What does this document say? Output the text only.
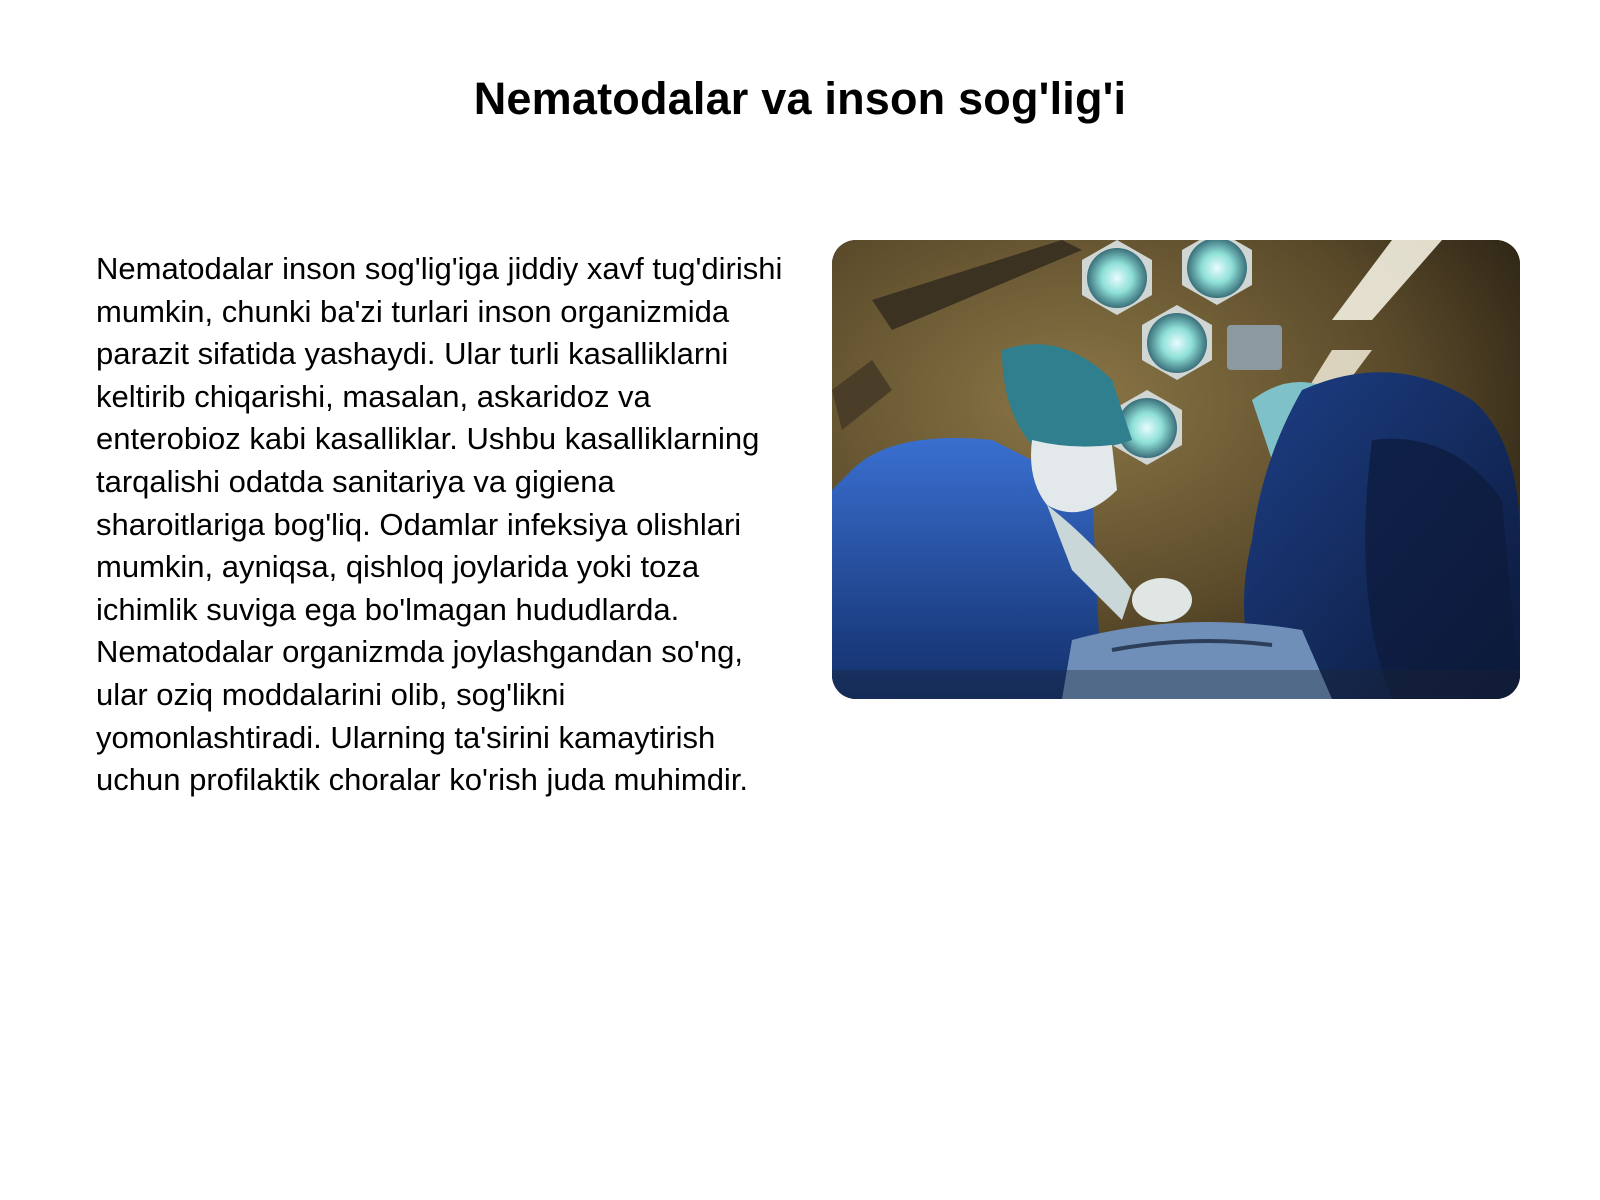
Nematodalar va inson sog'lig'i

Nematodalar inson sog'lig'iga jiddiy xavf tug'dirishi mumkin, chunki ba'zi turlari inson organizmida parazit sifatida yashaydi. Ular turli kasalliklarni keltirib chiqarishi, masalan, askaridoz va enterobioz kabi kasalliklar. Ushbu kasalliklarning tarqalishi odatda sanitariya va gigiena sharoitlariga bog'liq. Odamlar infeksiya olishlari mumkin, ayniqsa, qishloq joylarida yoki toza ichimlik suviga ega bo'lmagan hududlarda. Nematodalar organizmda joylashgandan so'ng, ular oziq moddalarini olib, sog'likni yomonlashtiradi. Ularning ta'sirini kamaytirish uchun profilaktik choralar ko'rish juda muhimdir.
